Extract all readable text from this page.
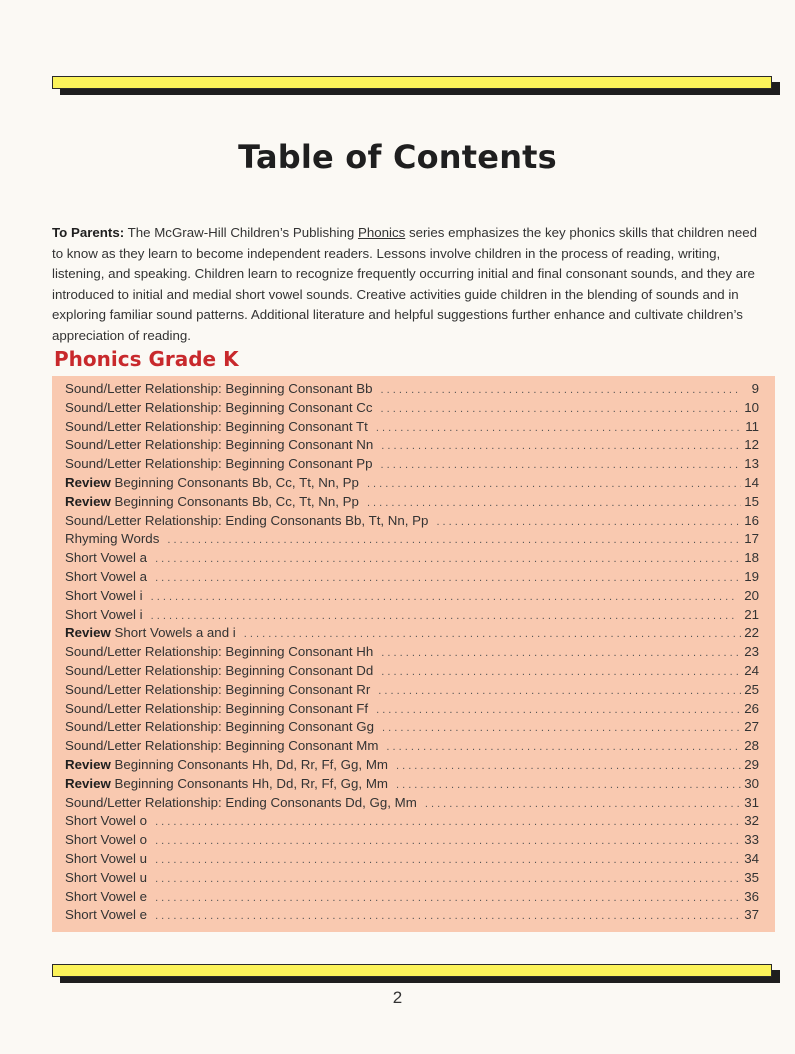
Table of Contents

To Parents: The McGraw-Hill Children’s Publishing Phonics series emphasizes the key phonics skills that children need to know as they learn to become independent readers. Lessons involve children in the process of reading, writing, listening, and speaking. Children learn to recognize frequently occurring initial and final consonant sounds, and they are introduced to initial and medial short vowel sounds. Creative activities guide children in the blending of sounds and in exploring familiar sound patterns. Additional literature and helpful suggestions further enhance and cultivate children’s appreciation of reading.

Phonics Grade K
Sound/Letter Relationship: Beginning Consonant Bb . . .	9
Sound/Letter Relationship: Beginning Consonant Cc . . .	10
Sound/Letter Relationship: Beginning Consonant Tt . . .	11
Sound/Letter Relationship: Beginning Consonant Nn . . .	12
Sound/Letter Relationship: Beginning Consonant Pp . . .	13
Review Beginning Consonants Bb, Cc, Tt, Nn, Pp . . .	14
Review Beginning Consonants Bb, Cc, Tt, Nn, Pp . . .	15
Sound/Letter Relationship: Ending Consonants Bb, Tt, Nn, Pp . . .	16
Rhyming Words . . .	17
Short Vowel a . . .	18
Short Vowel a . . .	19
Short Vowel i . . .	20
Short Vowel i . . .	21
Review Short Vowels a and i . . .	22
Sound/Letter Relationship: Beginning Consonant Hh . . .	23
Sound/Letter Relationship: Beginning Consonant Dd . . .	24
Sound/Letter Relationship: Beginning Consonant Rr . . .	25
Sound/Letter Relationship: Beginning Consonant Ff . . .	26
Sound/Letter Relationship: Beginning Consonant Gg . . .	27
Sound/Letter Relationship: Beginning Consonant Mm . . .	28
Review Beginning Consonants Hh, Dd, Rr, Ff, Gg, Mm . . .	29
Review Beginning Consonants Hh, Dd, Rr, Ff, Gg, Mm . . .	30
Sound/Letter Relationship: Ending Consonants Dd, Gg, Mm . . .	31
Short Vowel o . . .	32
Short Vowel o . . .	33
Short Vowel u . . .	34
Short Vowel u . . .	35
Short Vowel e . . .	36
Short Vowel e . . .	37
2
